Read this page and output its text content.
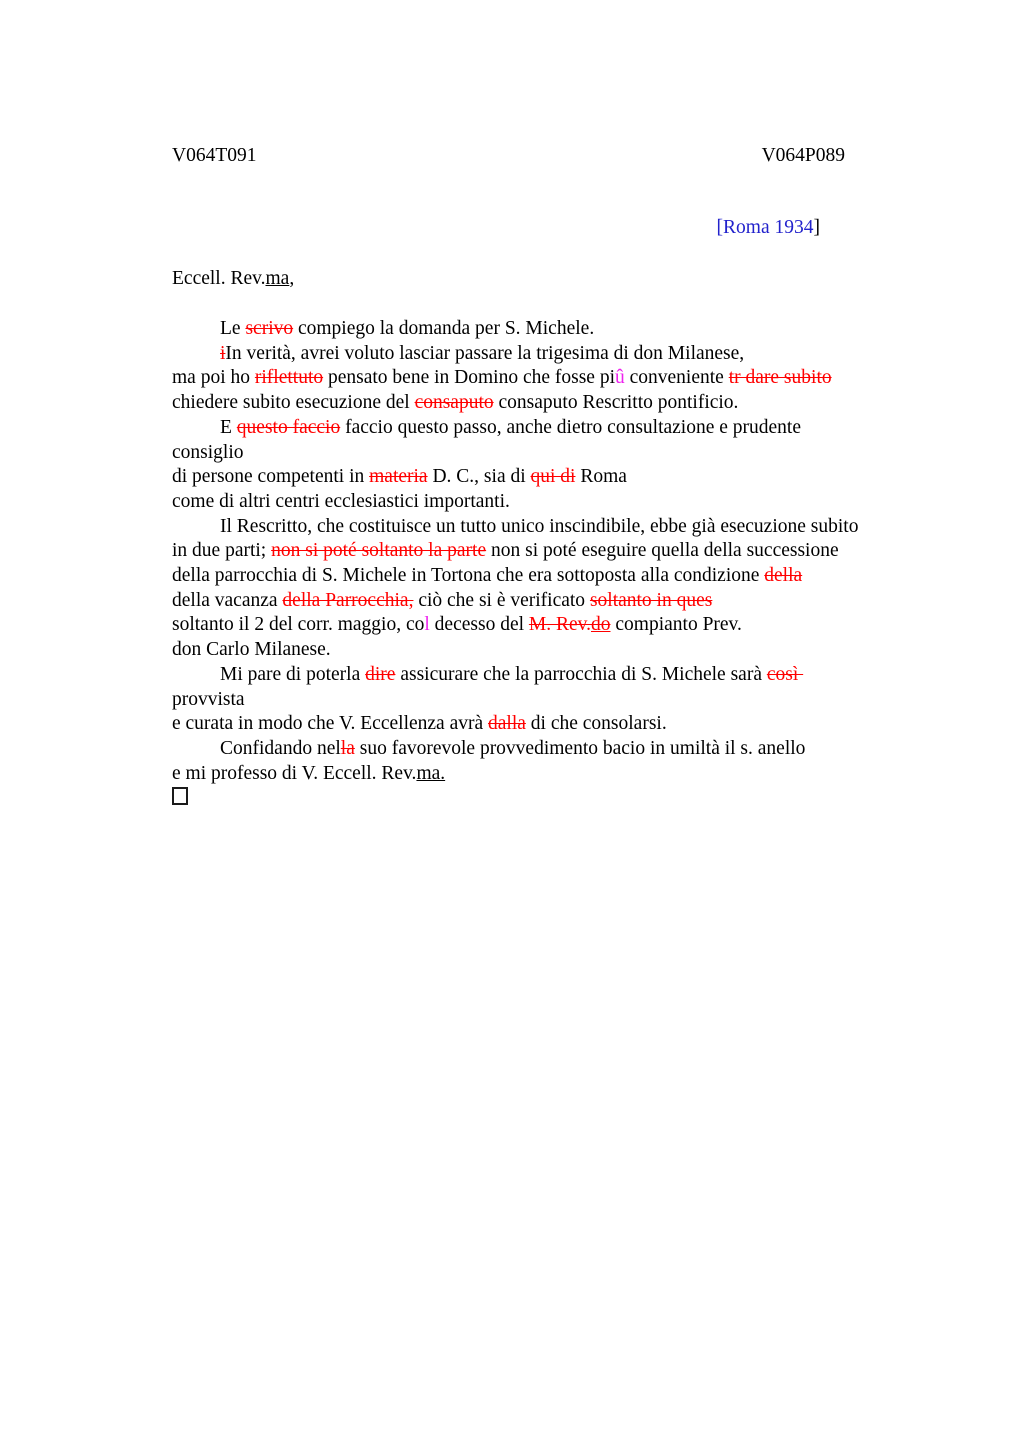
V064T091	V064P089
[Roma 1934]
Eccell. Rev.ma,
Le scrivo compiego la domanda per S. Michele.
iIn verità, avrei voluto lasciar passare la trigesima di don Milanese,
ma poi ho riflettuto pensato bene in Domino che fosse piû conveniente tr dare subito
chiedere subito esecuzione del consaputo consaputo Rescritto pontificio.
E questo faccio faccio questo passo, anche dietro consultazione e prudente
consiglio
di persone competenti in materia D. C., sia di qui di Roma
come di altri centri ecclesiastici importanti.
Il Rescritto, che costituisce un tutto unico inscindibile, ebbe già esecuzione subito
in due parti; non si poté soltanto la parte non si poté eseguire quella della successione
della parrocchia di S. Michele in Tortona che era sottoposta alla condizione della
della vacanza della Parrocchia, ciò che si è verificato soltanto in ques
soltanto il 2 del corr. maggio, col decesso del M. Rev.do compianto Prev.
don Carlo Milanese.
Mi pare di poterla dire assicurare che la parrocchia di S. Michele sarà così
provvista
e curata in modo che V. Eccellenza avrà dalla di che consolarsi.
Confidando nella suo favorevole provvedimento bacio in umiltà il s. anello
e mi professo di V. Eccell. Rev.ma.
